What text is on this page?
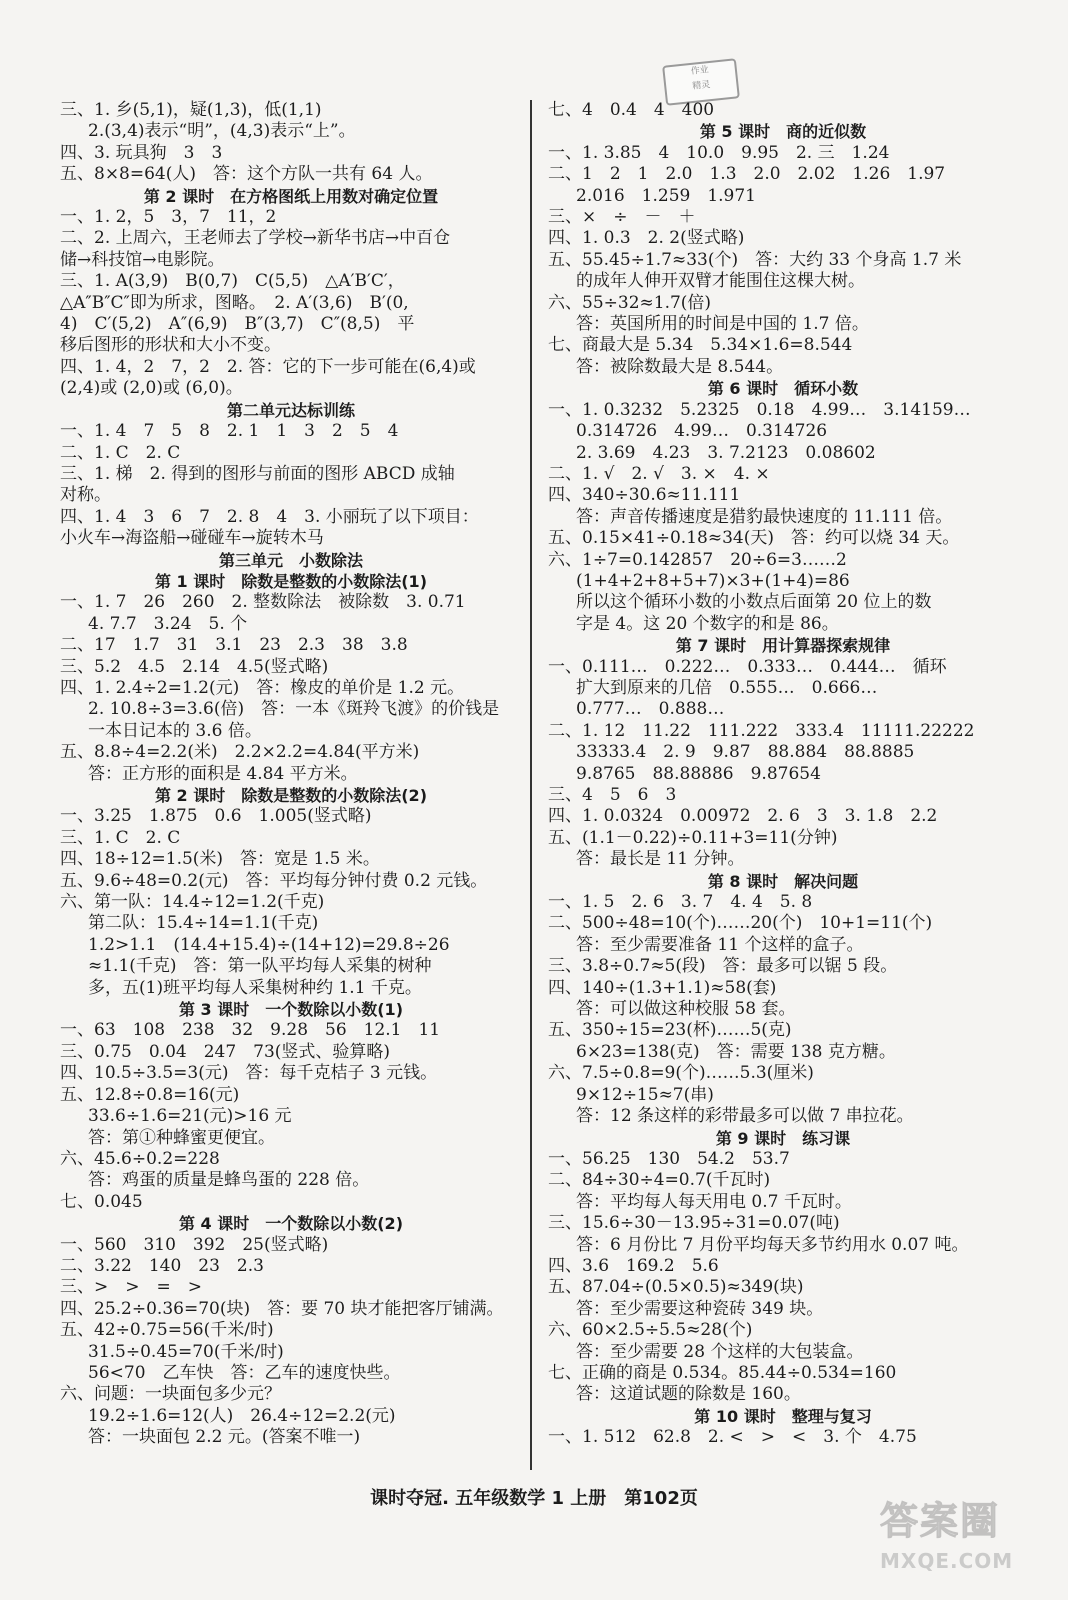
作业
精灵
三、1. 乡(5,1)，疑(1,3)，低(1,1)
2.(3,4)表示“明”，(4,3)表示“上”。
四、3. 玩具狗　3　3
五、8×8=64(人)　答：这个方队一共有 64 人。
第 2 课时　在方格图纸上用数对确定位置
一、1. 2，5　3，7　11，2
二、2. 上周六，王老师去了学校→新华书店→中百仓
储→科技馆→电影院。
三、1. A(3,9)　B(0,7)　C(5,5)　△A′B′C′，
△A″B″C″即为所求，图略。　2. A′(3,6)　B′(0,
4)　C′(5,2)　A″(6,9)　B″(3,7)　C″(8,5)　平
移后图形的形状和大小不变。
四、1. 4，2　7，2　2. 答：它的下一步可能在(6,4)或
(2,4)或 (2,0)或 (6,0)。
第二单元达标训练
一、1. 4　7　5　8　2. 1　1　3　2　5　4
二、1. C　2. C
三、1. 梯　2. 得到的图形与前面的图形 ABCD 成轴
对称。
四、1. 4　3　6　7　2. 8　4　3. 小丽玩了以下项目：
小火车→海盗船→碰碰车→旋转木马
第三单元　小数除法
第 1 课时　除数是整数的小数除法(1)
一、1. 7　26　260　2. 整数除法　被除数　3. 0.71
4. 7.7　3.24　5. 个
二、17　1.7　31　3.1　23　2.3　38　3.8
三、5.2　4.5　2.14　4.5(竖式略)
四、1. 2.4÷2=1.2(元)　答：橡皮的单价是 1.2 元。
2. 10.8÷3=3.6(倍)　答：一本《斑羚飞渡》的价钱是
一本日记本的 3.6 倍。
五、8.8÷4=2.2(米)　2.2×2.2=4.84(平方米)
答：正方形的面积是 4.84 平方米。
第 2 课时　除数是整数的小数除法(2)
一、3.25　1.875　0.6　1.005(竖式略)
三、1. C　2. C
四、18÷12=1.5(米)　答：宽是 1.5 米。
五、9.6÷48=0.2(元)　答：平均每分钟付费 0.2 元钱。
六、第一队：14.4÷12=1.2(千克)
第二队：15.4÷14=1.1(千克)
1.2>1.1　(14.4+15.4)÷(14+12)=29.8÷26
≈1.1(千克)　答：第一队平均每人采集的树种
多，五(1)班平均每人采集树种约 1.1 千克。
第 3 课时　一个数除以小数(1)
一、63　108　238　32　9.28　56　12.1　11
三、0.75　0.04　247　73(竖式、验算略)
四、10.5÷3.5=3(元)　答：每千克桔子 3 元钱。
五、12.8÷0.8=16(元)
33.6÷1.6=21(元)>16 元
答：第①种蜂蜜更便宜。
六、45.6÷0.2=228
答：鸡蛋的质量是蜂鸟蛋的 228 倍。
七、0.045
第 4 课时　一个数除以小数(2)
一、560　310　392　25(竖式略)
二、3.22　140　23　2.3
三、>　>　=　>
四、25.2÷0.36=70(块)　答：要 70 块才能把客厅铺满。
五、42÷0.75=56(千米/时)
31.5÷0.45=70(千米/时)
56<70　乙车快　答：乙车的速度快些。
六、问题：一块面包多少元？
19.2÷1.6=12(人)　26.4÷12=2.2(元)
答：一块面包 2.2 元。(答案不唯一)
七、4　0.4　4　400
第 5 课时　商的近似数
一、1. 3.85　4　10.0　9.95　2. 三　1.24
二、1　2　1　2.0　1.3　2.0　2.02　1.26　1.97
2.016　1.259　1.971
三、×　÷　－　＋
四、1. 0.3　2. 2(竖式略)
五、55.45÷1.7≈33(个)　答：大约 33 个身高 1.7 米
的成年人伸开双臂才能围住这棵大树。
六、55÷32≈1.7(倍)
答：英国所用的时间是中国的 1.7 倍。
七、商最大是 5.34　5.34×1.6=8.544
答：被除数最大是 8.544。
第 6 课时　循环小数
一、1. 0.3232　5.2325　0.18　4.99…　3.14159…
0.314726　4.99…　0.314726
2. 3.69　4.23　3. 7.2123　0.08602
二、1. √　2. √　3. ×　4. ×
四、340÷30.6≈11.111
答：声音传播速度是猎豹最快速度的 11.111 倍。
五、0.15×41÷0.18≈34(天)　答：约可以烧 34 天。
六、1÷7=0.142857　20÷6=3……2
(1+4+2+8+5+7)×3+(1+4)=86
所以这个循环小数的小数点后面第 20 位上的数
字是 4。这 20 个数字的和是 86。
第 7 课时　用计算器探索规律
一、0.111…　0.222…　0.333…　0.444…　循环
扩大到原来的几倍　0.555…　0.666…
0.777…　0.888…
二、1. 12　11.22　111.222　333.4　11111.22222
33333.4　2. 9　9.87　88.884　88.8885
9.8765　88.88886　9.87654
三、4　5　6　3
四、1. 0.0324　0.00972　2. 6　3　3. 1.8　2.2
五、(1.1－0.22)÷0.11+3=11(分钟)
答：最长是 11 分钟。
第 8 课时　解决问题
一、1. 5　2. 6　3. 7　4. 4　5. 8
二、500÷48=10(个)……20(个)　10+1=11(个)
答：至少需要准备 11 个这样的盒子。
三、3.8÷0.7≈5(段)　答：最多可以锯 5 段。
四、140÷(1.3+1.1)≈58(套)
答：可以做这种校服 58 套。
五、350÷15=23(杯)……5(克)
6×23=138(克)　答：需要 138 克方糖。
六、7.5÷0.8=9(个)……5.3(厘米)
9×12÷15≈7(串)
答：12 条这样的彩带最多可以做 7 串拉花。
第 9 课时　练习课
一、56.25　130　54.2　53.7
二、84÷30÷4=0.7(千瓦时)
答：平均每人每天用电 0.7 千瓦时。
三、15.6÷30－13.95÷31=0.07(吨)
答：6 月份比 7 月份平均每天多节约用水 0.07 吨。
四、3.6　169.2　5.6
五、87.04÷(0.5×0.5)≈349(块)
答：至少需要这种瓷砖 349 块。
六、60×2.5÷5.5≈28(个)
答：至少需要 28 个这样的大包装盒。
七、正确的商是 0.534。85.44÷0.534=160
答：这道试题的除数是 160。
第 10 课时　整理与复习
一、1. 512　62.8　2. <　>　<　3. 个　4.75
课时夺冠. 五年级数学 1 上册　第102页
答案圈
MXQE.COM
